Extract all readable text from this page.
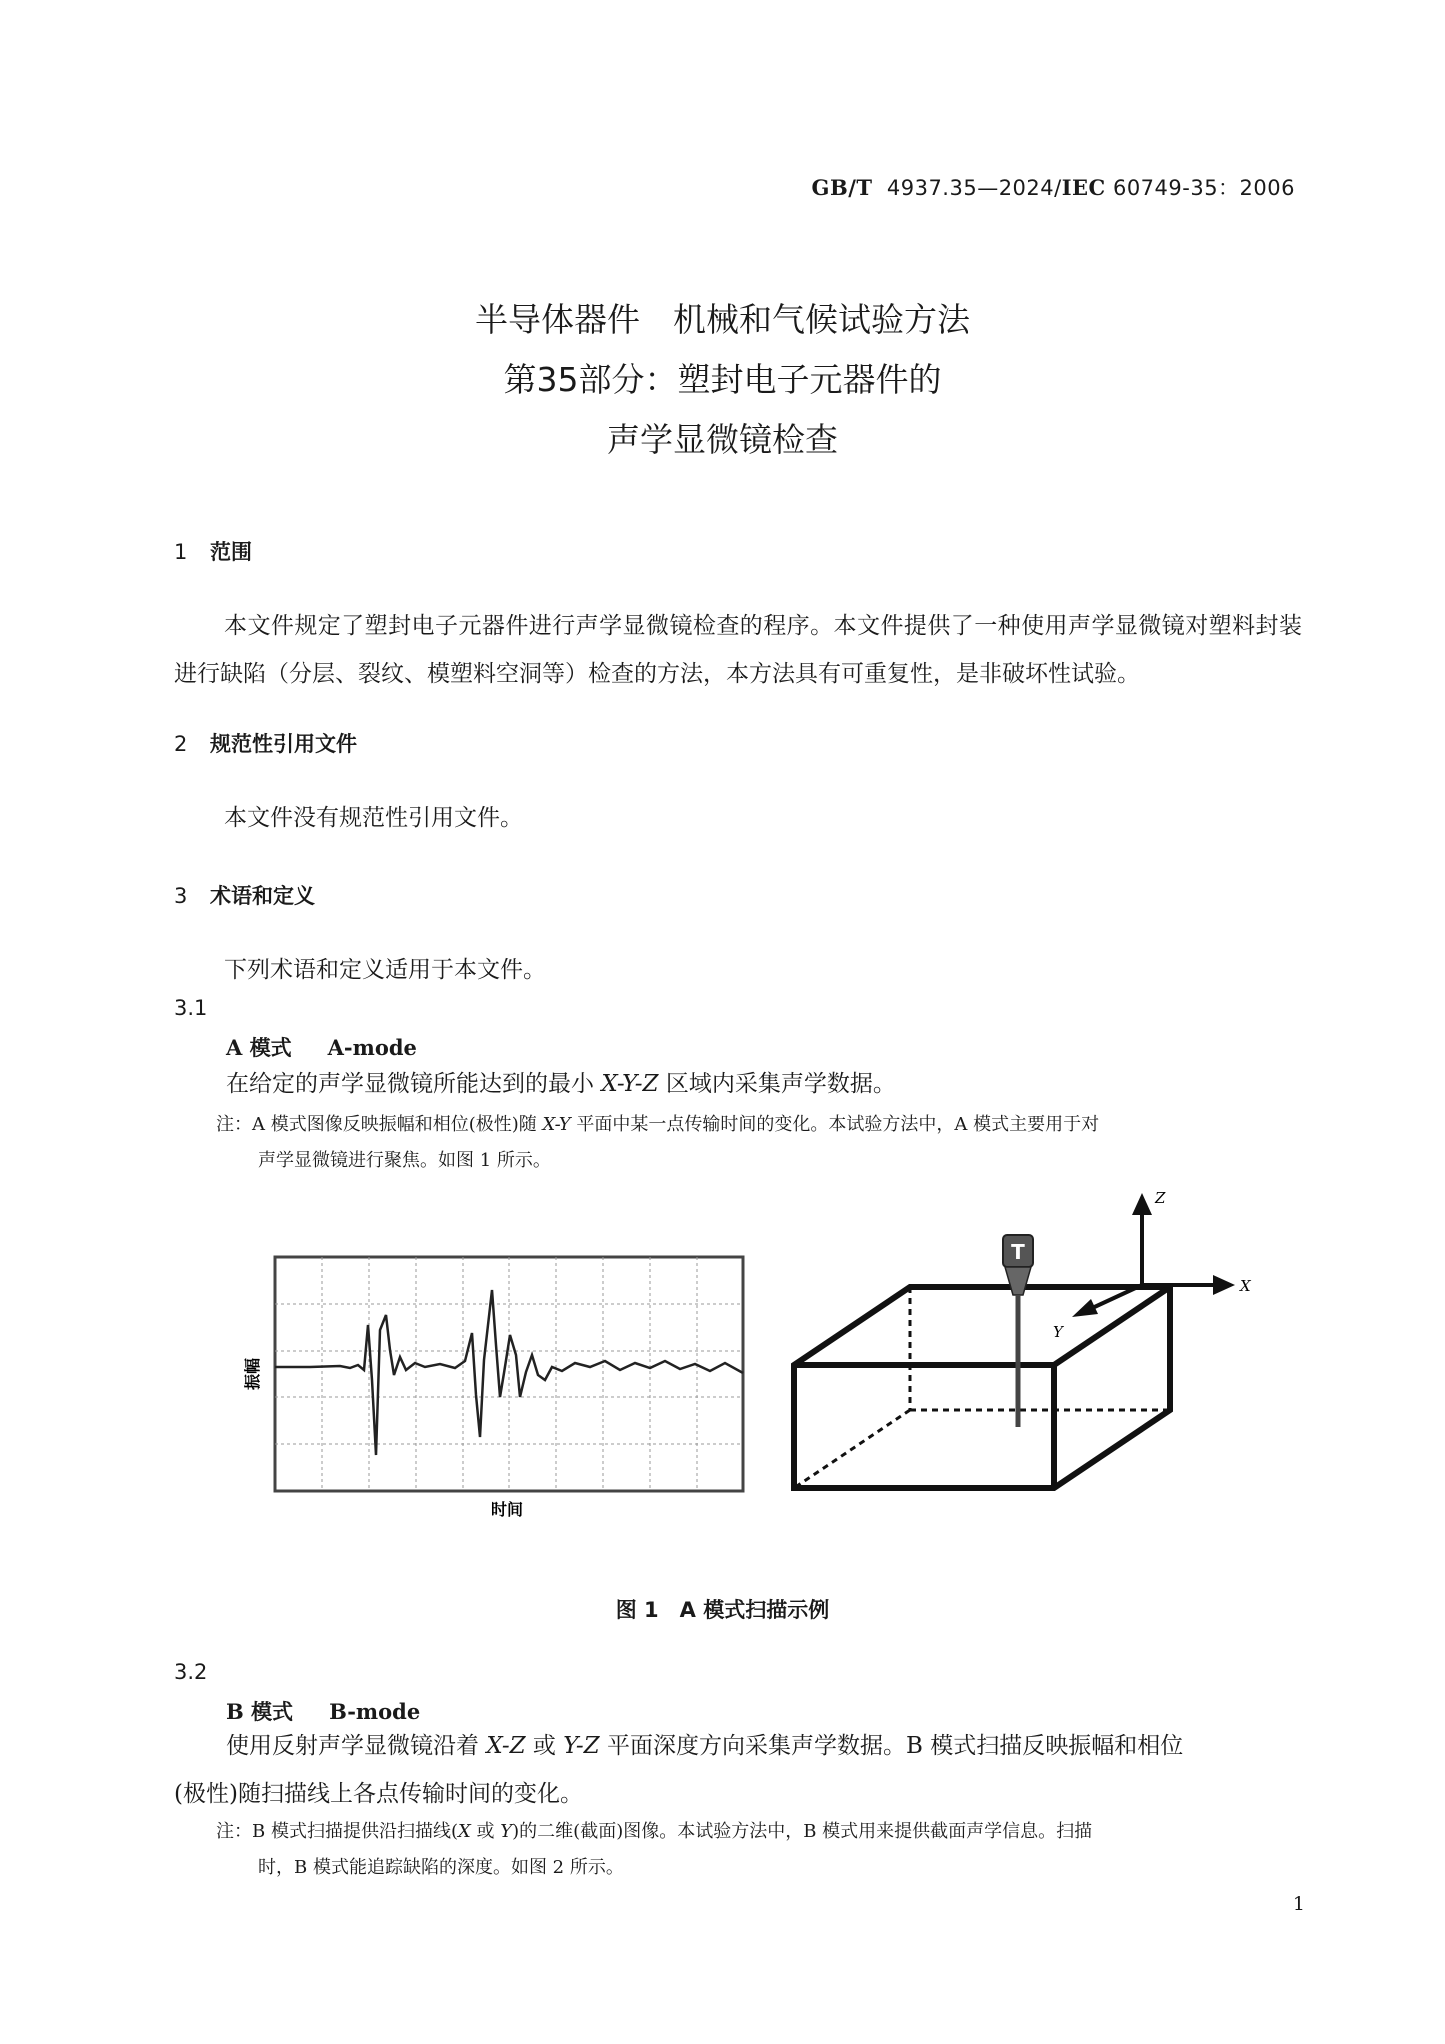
GB/T 4937.35—2024/IEC 60749-35：2006
半导体器件　机械和气候试验方法
第35部分：塑封电子元器件的
声学显微镜检查
1 范围
本文件规定了塑封电子元器件进行声学显微镜检查的程序。本文件提供了一种使用声学显微镜对塑料封装进行缺陷（分层、裂纹、模塑料空洞等）检查的方法，本方法具有可重复性，是非破坏性试验。
2 规范性引用文件
本文件没有规范性引用文件。
3 术语和定义
下列术语和定义适用于本文件。
3.1
A 模式 A-mode
在给定的声学显微镜所能达到的最小 X-Y-Z 区域内采集声学数据。
注：A 模式图像反映振幅和相位(极性)随 X-Y 平面中某一点传输时间的变化。本试验方法中，A 模式主要用于对
声学显微镜进行聚焦。如图 1 所示。
振幅
时间
T
Z
X
Y
图 1　A 模式扫描示例
3.2
B 模式 B-mode
使用反射声学显微镜沿着 X-Z 或 Y-Z 平面深度方向采集声学数据。B 模式扫描反映振幅和相位
(极性)随扫描线上各点传输时间的变化。
注：B 模式扫描提供沿扫描线(X 或 Y)的二维(截面)图像。本试验方法中，B 模式用来提供截面声学信息。扫描
时，B 模式能追踪缺陷的深度。如图 2 所示。
1
